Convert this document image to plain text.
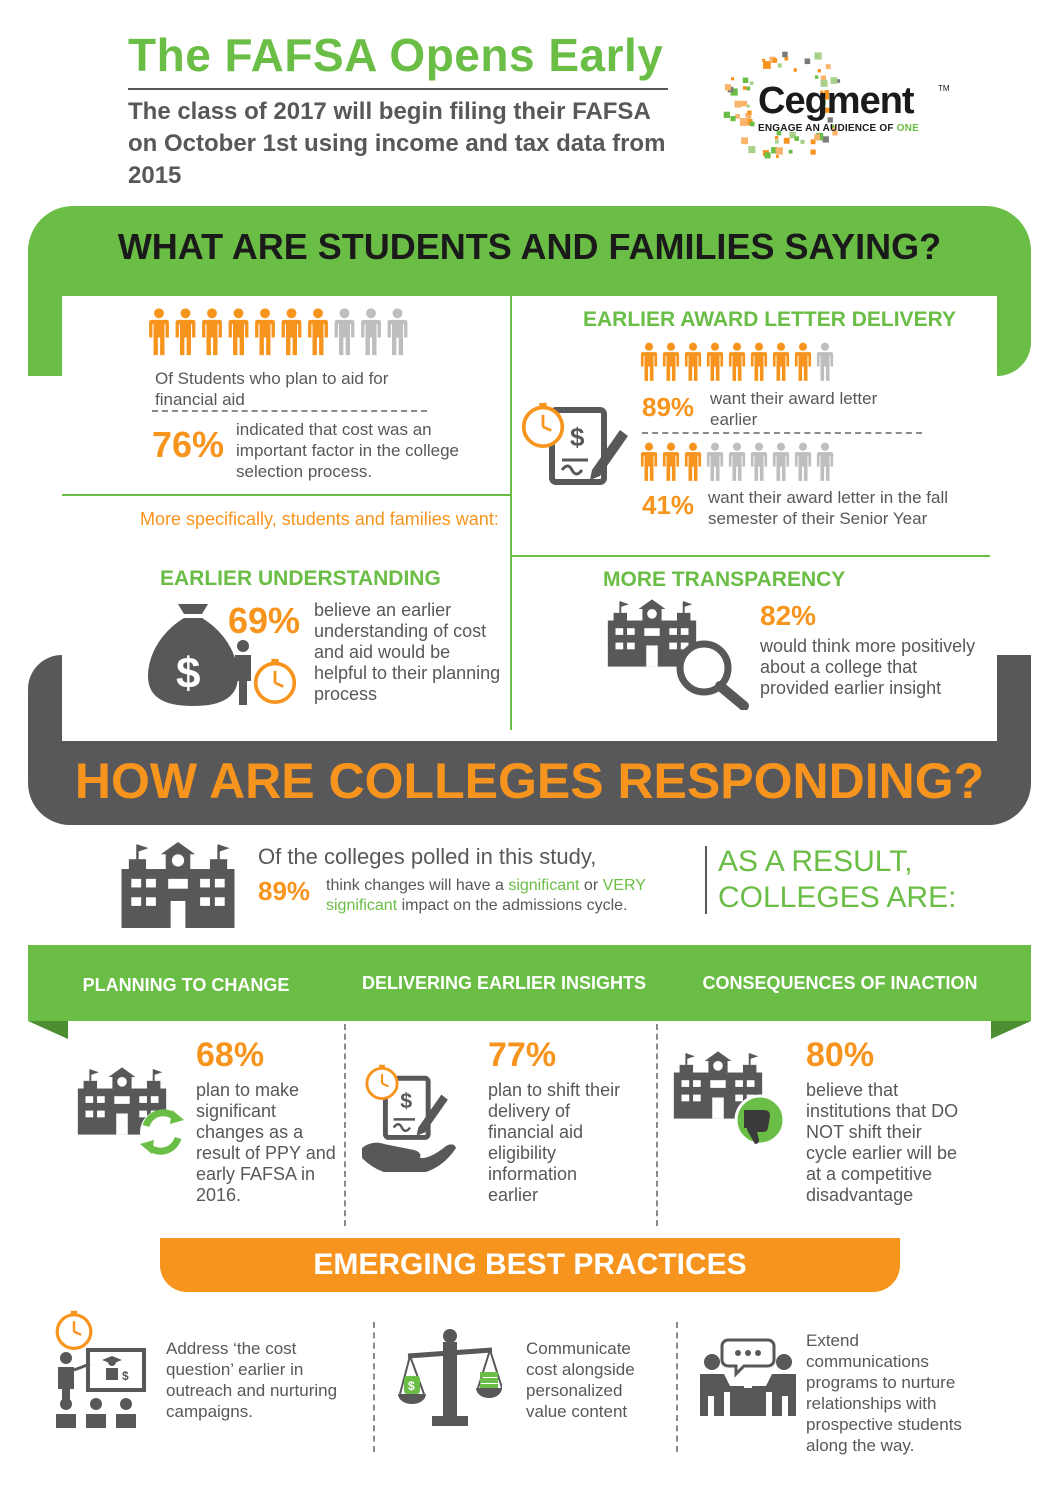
The FAFSA Opens Early
The class of 2017 will begin filing their FAFSA on October 1st using income and tax data from 2015
Cegment	TM
ENGAGE AN AUDIENCE OF ONE
WHAT ARE STUDENTS AND FAMILIES SAYING?
Of Students who plan to aid for financial aid
76% indicated that cost was an important factor in the college selection process.
More specifically, students and families want:
EARLIER AWARD LETTER DELIVERY
89% want their award letter earlier
41% want their award letter in the fall semester of their Senior Year
EARLIER UNDERSTANDING
$
69% believe an earlier understanding of cost and aid would be helpful to their planning process
MORE TRANSPARENCY
82%
would think more positively about a college that provided earlier insight
HOW ARE COLLEGES RESPONDING?
Of the colleges polled in this study,
89% think changes will have a significant or VERY significant impact on the admissions cycle.
AS A RESULT,
COLLEGES ARE:
PLANNING TO CHANGE	DELIVERING EARLIER INSIGHTS	CONSEQUENCES OF INACTION
68%
plan to make significant changes as a result of PPY and early FAFSA in 2016.
77%
plan to shift their delivery of financial aid eligibility information earlier
80%
believe that institutions that DO NOT shift their cycle earlier will be at a competitive disadvantage
EMERGING BEST PRACTICES
$
Address ‘the cost question’ earlier in outreach and nurturing campaigns.
$
Communicate cost alongside personalized value content
Extend communications programs to nurture relationships with prospective students along the way.
